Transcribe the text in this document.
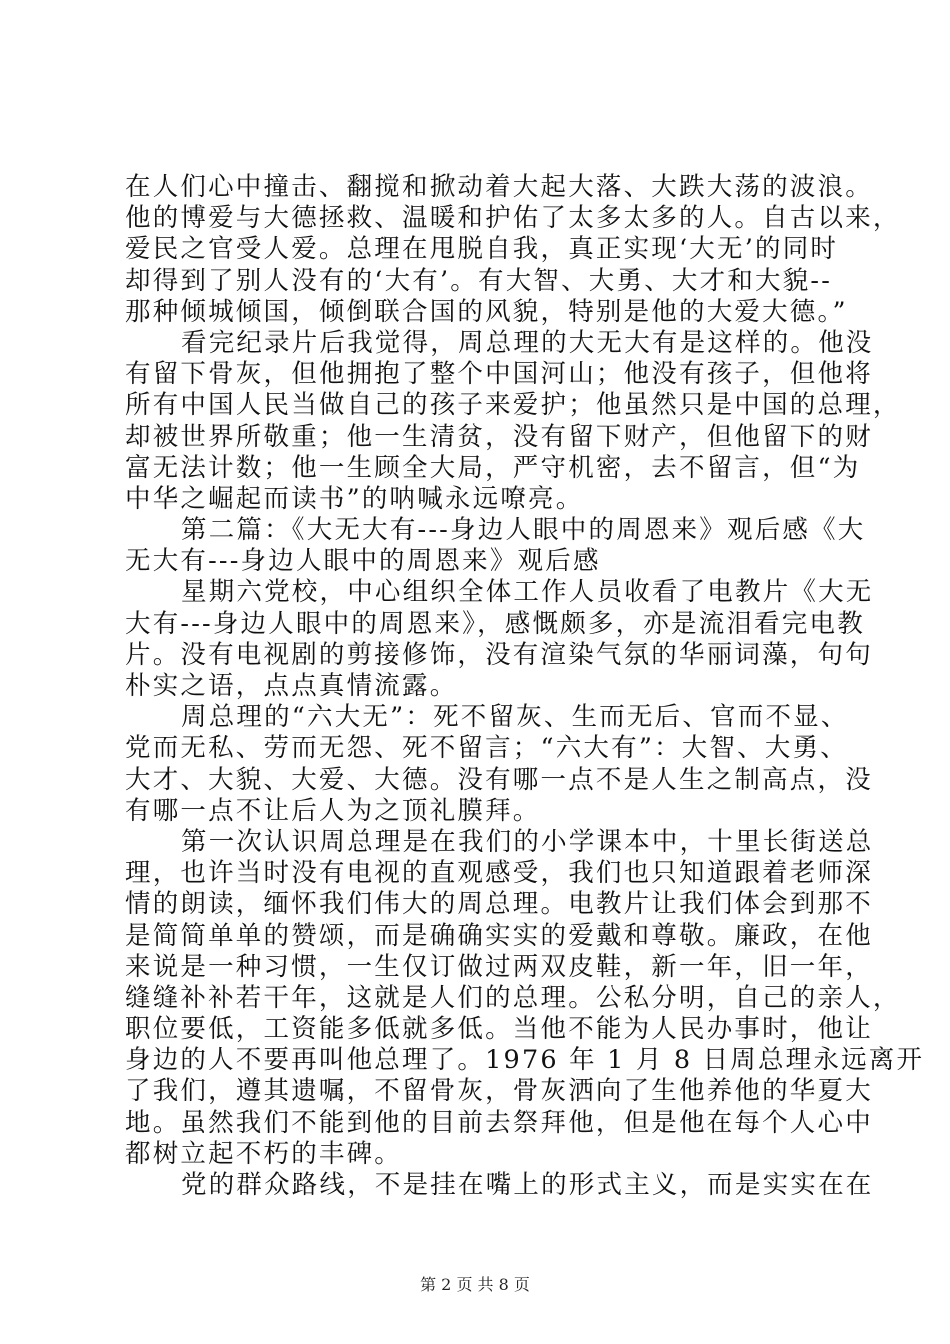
在人们心中撞击、翻搅和掀动着大起大落、大跌大荡的波浪。
他的博爱与大德拯救、温暖和护佑了太多太多的人。自古以来，
爱民之官受人爱。总理在甩脱自我，真正实现‘大无’的同时
却得到了别人没有的‘大有’。有大智、大勇、大才和大貌--
那种倾城倾国，倾倒联合国的风貌，特别是他的大爱大德。”
看完纪录片后我觉得，周总理的大无大有是这样的。他没
有留下骨灰，但他拥抱了整个中国河山；他没有孩子，但他将
所有中国人民当做自己的孩子来爱护；他虽然只是中国的总理，
却被世界所敬重；他一生清贫，没有留下财产，但他留下的财
富无法计数；他一生顾全大局，严守机密，去不留言，但“为
中华之崛起而读书”的呐喊永远嘹亮。
第二篇：《大无大有---身边人眼中的周恩来》观后感《大
无大有---身边人眼中的周恩来》观后感
星期六党校，中心组织全体工作人员收看了电教片《大无
大有---身边人眼中的周恩来》，感慨颇多，亦是流泪看完电教
片。没有电视剧的剪接修饰，没有渲染气氛的华丽词藻，句句
朴实之语，点点真情流露。
周总理的“六大无”：死不留灰、生而无后、官而不显、
党而无私、劳而无怨、死不留言；“六大有”：大智、大勇、
大才、大貌、大爱、大德。没有哪一点不是人生之制高点，没
有哪一点不让后人为之顶礼膜拜。
第一次认识周总理是在我们的小学课本中，十里长街送总
理，也许当时没有电视的直观感受，我们也只知道跟着老师深
情的朗读，缅怀我们伟大的周总理。电教片让我们体会到那不
是简简单单的赞颂，而是确确实实的爱戴和尊敬。廉政，在他
来说是一种习惯，一生仅订做过两双皮鞋，新一年，旧一年，
缝缝补补若干年，这就是人们的总理。公私分明，自己的亲人，
职位要低，工资能多低就多低。当他不能为人民办事时，他让
身边的人不要再叫他总理了。1976 年 1 月 8 日周总理永远离开
了我们，遵其遗嘱，不留骨灰，骨灰洒向了生他养他的华夏大
地。虽然我们不能到他的目前去祭拜他，但是他在每个人心中
都树立起不朽的丰碑。
党的群众路线，不是挂在嘴上的形式主义，而是实实在在
第 2 页 共 8 页
